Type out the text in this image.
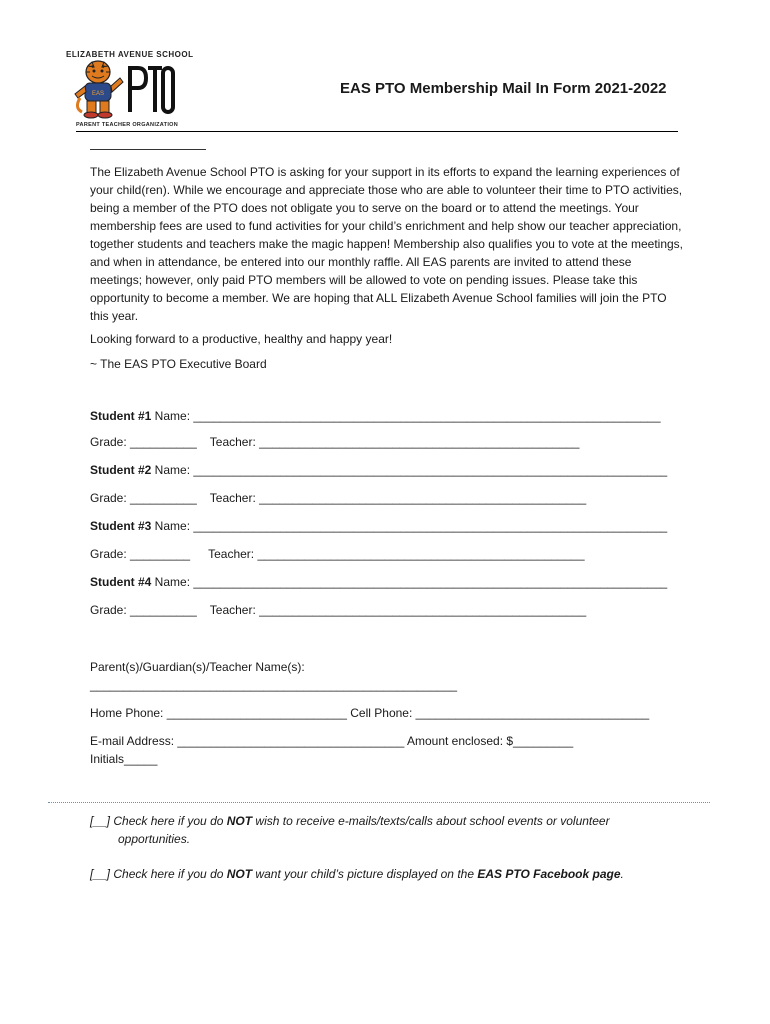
ELIZABETH AVENUE SCHOOL
EAS
PARENT TEACHER ORGANIZATION
EAS PTO Membership Mail In Form 2021-2022
The Elizabeth Avenue School PTO is asking for your support in its efforts to expand the learning experiences of your child(ren). While we encourage and appreciate those who are able to volunteer their time to PTO activities, being a member of the PTO does not obligate you to serve on the board or to attend the meetings. Your membership fees are used to fund activities for your child’s enrichment and help show our teacher appreciation, together students and teachers make the magic happen! Membership also qualifies you to vote at the meetings, and when in attendance, be entered into our monthly raffle. All EAS parents are invited to attend these meetings; however, only paid PTO members will be allowed to vote on pending issues. Please take this opportunity to become a member. We are hoping that ALL Elizabeth Avenue School families will join the PTO this year.
Looking forward to a productive, healthy and happy year!
~ The EAS PTO Executive Board
Student #1 Name: ______________________________________________________________________
Grade: __________ Teacher: ________________________________________________
Student #2 Name: _______________________________________________________________________
Grade: __________ Teacher: _________________________________________________
Student #3 Name: _______________________________________________________________________
Grade: _________ Teacher: _________________________________________________
Student #4 Name: _______________________________________________________________________
Grade: __________ Teacher: _________________________________________________
Parent(s)/Guardian(s)/Teacher Name(s):
_______________________________________________________
Home Phone: ___________________________ Cell Phone: ___________________________________
E-mail Address: __________________________________ Amount enclosed: $_________
Initials_____
[__] Check here if you do NOT wish to receive e-mails/texts/calls about school events or volunteer
opportunities.
[__] Check here if you do NOT want your child’s picture displayed on the EAS PTO Facebook page.
